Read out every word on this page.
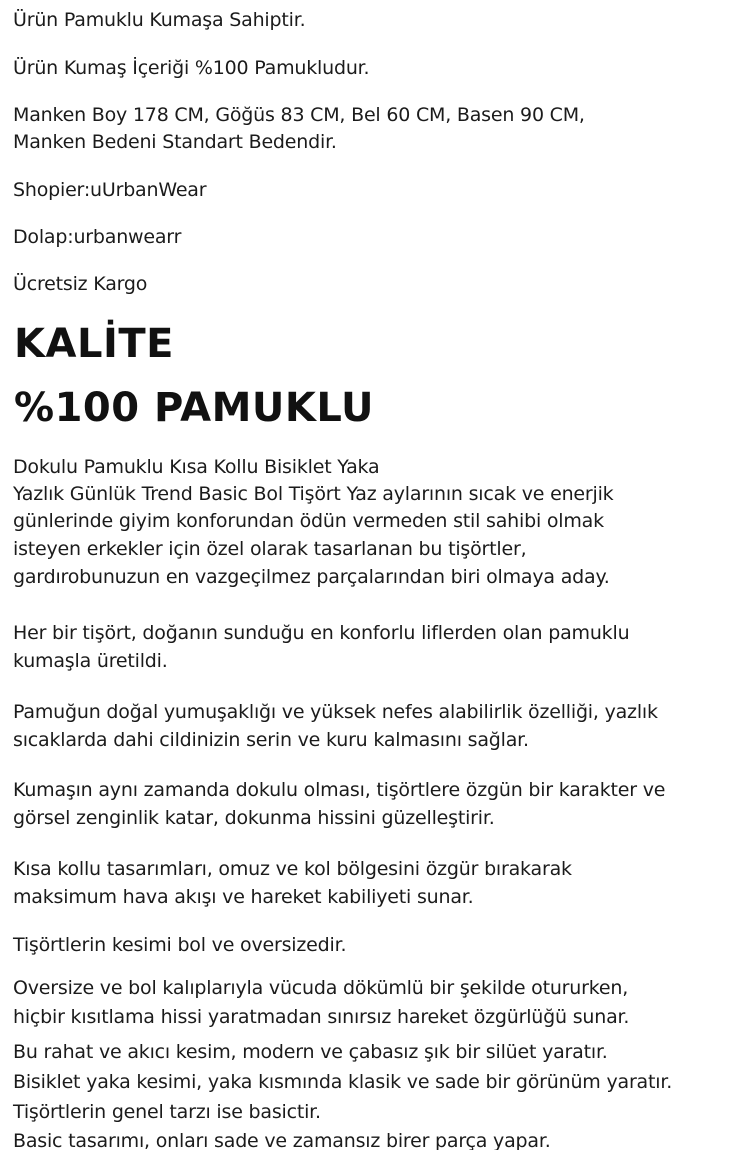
Ürün Pamuklu Kumaşa Sahiptir.
Ürün Kumaş İçeriği %100 Pamukludur.
Manken Boy 178 CM, Göğüs 83 CM, Bel 60 CM, Basen 90 CM,
Manken Bedeni Standart Bedendir.
Shopier:uUrbanWear
Dolap:urbanwearr
Ücretsiz Kargo
KALİTE
%100 PAMUKLU
Dokulu Pamuklu Kısa Kollu Bisiklet Yaka
Yazlık Günlük Trend Basic Bol Tişört Yaz aylarının sıcak ve enerjik
günlerinde giyim konforundan ödün vermeden stil sahibi olmak
isteyen erkekler için özel olarak tasarlanan bu tişörtler,
gardırobunuzun en vazgeçilmez parçalarından biri olmaya aday.
Her bir tişört, doğanın sunduğu en konforlu liflerden olan pamuklu
kumaşla üretildi.
Pamuğun doğal yumuşaklığı ve yüksek nefes alabilirlik özelliği, yazlık
sıcaklarda dahi cildinizin serin ve kuru kalmasını sağlar.
Kumaşın aynı zamanda dokulu olması, tişörtlere özgün bir karakter ve
görsel zenginlik katar, dokunma hissini güzelleştirir.
Kısa kollu tasarımları, omuz ve kol bölgesini özgür bırakarak
maksimum hava akışı ve hareket kabiliyeti sunar.
Tişörtlerin kesimi bol ve oversizedir.
Oversize ve bol kalıplarıyla vücuda dökümlü bir şekilde otururken,
hiçbir kısıtlama hissi yaratmadan sınırsız hareket özgürlüğü sunar.
Bu rahat ve akıcı kesim, modern ve çabasız şık bir silüet yaratır.
Bisiklet yaka kesimi, yaka kısmında klasik ve sade bir görünüm yaratır.
Tişörtlerin genel tarzı ise basictir.
Basic tasarımı, onları sade ve zamansız birer parça yapar.
